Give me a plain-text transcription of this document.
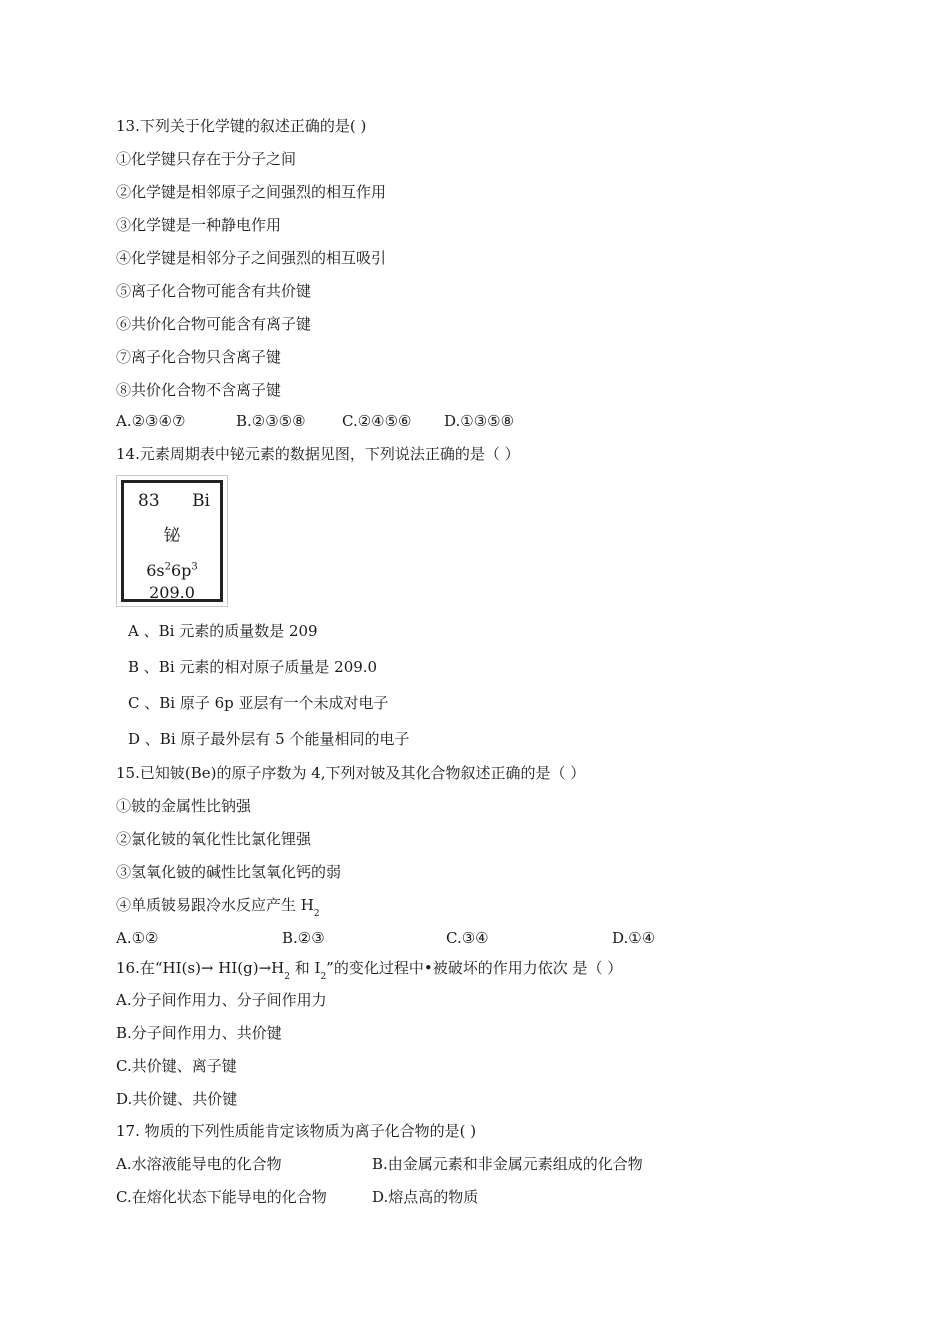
13.下列关于化学键的叙述正确的是( )
①化学键只存在于分子之间
②化学键是相邻原子之间强烈的相互作用
③化学键是一种静电作用
④化学键是相邻分子之间强烈的相互吸引
⑤离子化合物可能含有共价键
⑥共价化合物可能含有离子键
⑦离子化合物只含离子键
⑧共价化合物不含离子键
A.②③④⑦	B.②③⑤⑧ C.②④⑤⑥ D.①③⑤⑧
14.元素周期表中铋元素的数据见图，下列说法正确的是（ ）
83 Bi
铋
$6s^26p^3$
209.0
A 、Bi 元素的质量数是 209
B 、Bi 元素的相对原子质量是 209.0
C 、Bi 原子 6p 亚层有一个未成对电子
D 、Bi 原子最外层有 5 个能量相同的电子
15.已知铍(Be)的原子序数为 4,下列对铍及其化合物叙述正确的是（ ）
①铍的金属性比钠强
②氯化铍的氧化性比氯化锂强
③氢氧化铍的碱性比氢氧化钙的弱
④单质铍易跟冷水反应产生 $H_2$
A.①②	B.②③	C.③④	D.①④
16.在“$HI(s)\to HI(g)\to H_2$ 和 $I_2$”的变化过程中•被破坏的作用力依次 是（ ）
A.分子间作用力、分子间作用力
B.分子间作用力、共价键
C.共价键、离子键
D.共价键、共价键
17. 物质的下列性质能肯定该物质为离子化合物的是( )
A.水溶液能导电的化合物	B.由金属元素和非金属元素组成的化合物
C.在熔化状态下能导电的化合物	D.熔点高的物质
